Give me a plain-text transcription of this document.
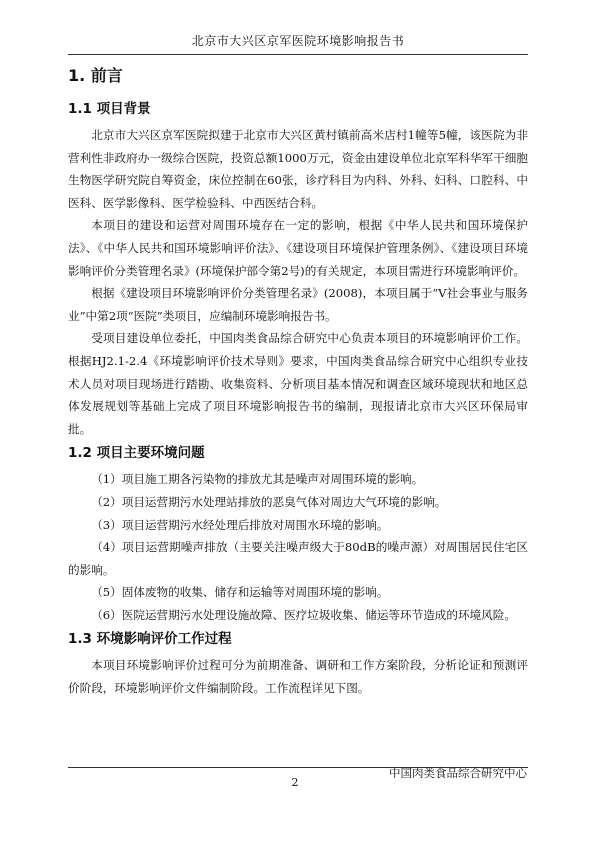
北京市大兴区京军医院环境影响报告书
1. 前言
1.1 项目背景

北京市大兴区京军医院拟建于北京市大兴区黄村镇前高米店村1幢等5幢，该医院为非营利性非政府办一级综合医院，投资总额1000万元，资金由建设单位北京军科华军干细胞生物医学研究院自筹资金，床位控制在60张，诊疗科目为内科、外科、妇科、口腔科、中医科、医学影像科、医学检验科、中西医结合科。

本项目的建设和运营对周围环境存在一定的影响，根据《中华人民共和国环境保护法》、《中华人民共和国环境影响评价法》、《建设项目环境保护管理条例》、《建设项目环境影响评价分类管理名录》(环境保护部令第2号)的有关规定，本项目需进行环境影响评价。

根据《建设项目环境影响评价分类管理名录》(2008)，本项目属于“V社会事业与服务业”中第2项“医院”类项目，应编制环境影响报告书。

受项目建设单位委托，中国肉类食品综合研究中心负责本项目的环境影响评价工作。根据HJ2.1-2.4《环境影响评价技术导则》要求，中国肉类食品综合研究中心组织专业技术人员对项目现场进行踏勘、收集资料、分析项目基本情况和调查区域环境现状和地区总体发展规划等基础上完成了项目环境影响报告书的编制，现报请北京市大兴区环保局审批。

1.2 项目主要环境问题

（1）项目施工期各污染物的排放尤其是噪声对周围环境的影响。

（2）项目运营期污水处理站排放的恶臭气体对周边大气环境的影响。

（3）项目运营期污水经处理后排放对周围水环境的影响。

（4）项目运营期噪声排放（主要关注噪声级大于80dB的噪声源）对周围居民住宅区的影响。

（5）固体废物的收集、储存和运输等对周围环境的影响。

（6）医院运营期污水处理设施故障、医疗垃圾收集、储运等环节造成的环境风险。

1.3 环境影响评价工作过程

本项目环境影响评价过程可分为前期准备、调研和工作方案阶段，分析论证和预测评价阶段，环境影响评价文件编制阶段。工作流程详见下图。

2
中国肉类食品综合研究中心
